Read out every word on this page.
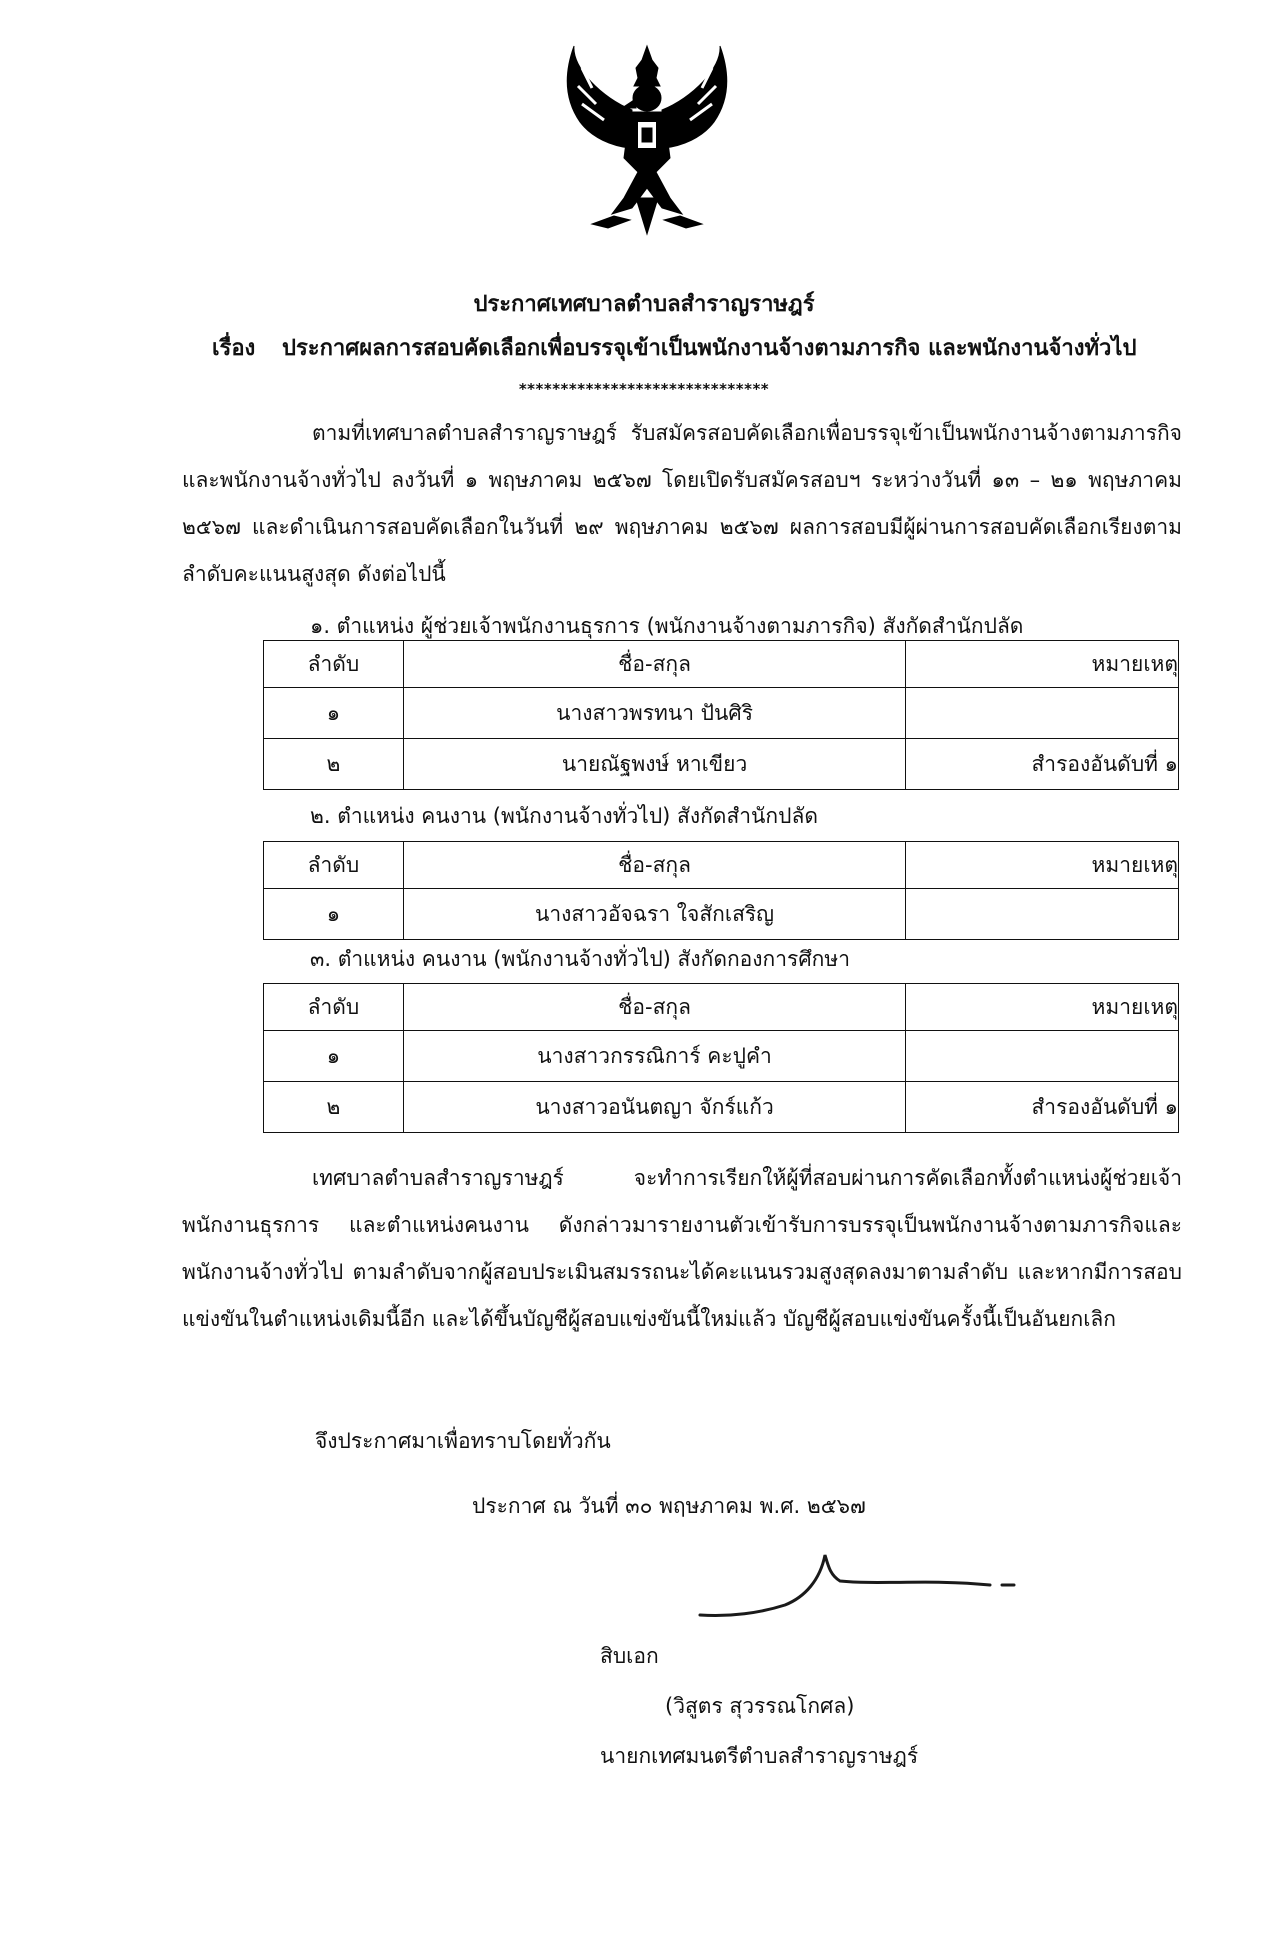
ประกาศเทศบาลตำบลสำราญราษฎร์
เรื่อง ประกาศผลการสอบคัดเลือกเพื่อบรรจุเข้าเป็นพนักงานจ้างตามภารกิจ และพนักงานจ้างทั่วไป
******************************
ตามที่เทศบาลตำบลสำราญราษฎร์ รับสมัครสอบคัดเลือกเพื่อบรรจุเข้าเป็นพนักงานจ้างตามภารกิจ และพนักงานจ้างทั่วไป ลงวันที่ ๑ พฤษภาคม ๒๕๖๗ โดยเปิดรับสมัครสอบฯ ระหว่างวันที่ ๑๓ – ๒๑ พฤษภาคม ๒๕๖๗ และดำเนินการสอบคัดเลือกในวันที่ ๒๙ พฤษภาคม ๒๕๖๗ ผลการสอบมีผู้ผ่านการสอบคัดเลือกเรียงตามลำดับคะแนนสูงสุด ดังต่อไปนี้
๑. ตำแหน่ง ผู้ช่วยเจ้าพนักงานธุรการ (พนักงานจ้างตามภารกิจ) สังกัดสำนักปลัด
ลำดับ	ชื่อ-สกุล	หมายเหตุ
๑	นางสาวพรทนา ปันศิริ	
๒	นายณัฐพงษ์ หาเขียว	สำรองอันดับที่ ๑
๒. ตำแหน่ง คนงาน (พนักงานจ้างทั่วไป) สังกัดสำนักปลัด
ลำดับ	ชื่อ-สกุล	หมายเหตุ
๑	นางสาวอัจฉรา ใจสักเสริญ	
๓. ตำแหน่ง คนงาน (พนักงานจ้างทั่วไป) สังกัดกองการศึกษา
ลำดับ	ชื่อ-สกุล	หมายเหตุ
๑	นางสาวกรรณิการ์ คะปูคำ	
๒	นางสาวอนันตญา จักร์แก้ว	สำรองอันดับที่ ๑
เทศบาลตำบลสำราญราษฎร์ จะทำการเรียกให้ผู้ที่สอบผ่านการคัดเลือกทั้งตำแหน่งผู้ช่วยเจ้าพนักงานธุรการ และตำแหน่งคนงาน ดังกล่าวมารายงานตัวเข้ารับการบรรจุเป็นพนักงานจ้างตามภารกิจและพนักงานจ้างทั่วไป ตามลำดับจากผู้สอบประเมินสมรรถนะได้คะแนนรวมสูงสุดลงมาตามลำดับ และหากมีการสอบแข่งขันในตำแหน่งเดิมนี้อีก และได้ขึ้นบัญชีผู้สอบแข่งขันนี้ใหม่แล้ว บัญชีผู้สอบแข่งขันครั้งนี้เป็นอันยกเลิก
จึงประกาศมาเพื่อทราบโดยทั่วกัน
ประกาศ ณ วันที่ ๓๐ พฤษภาคม พ.ศ. ๒๕๖๗
สิบเอก
(วิสูตร สุวรรณโกศล)
นายกเทศมนตรีตำบลสำราญราษฎร์
